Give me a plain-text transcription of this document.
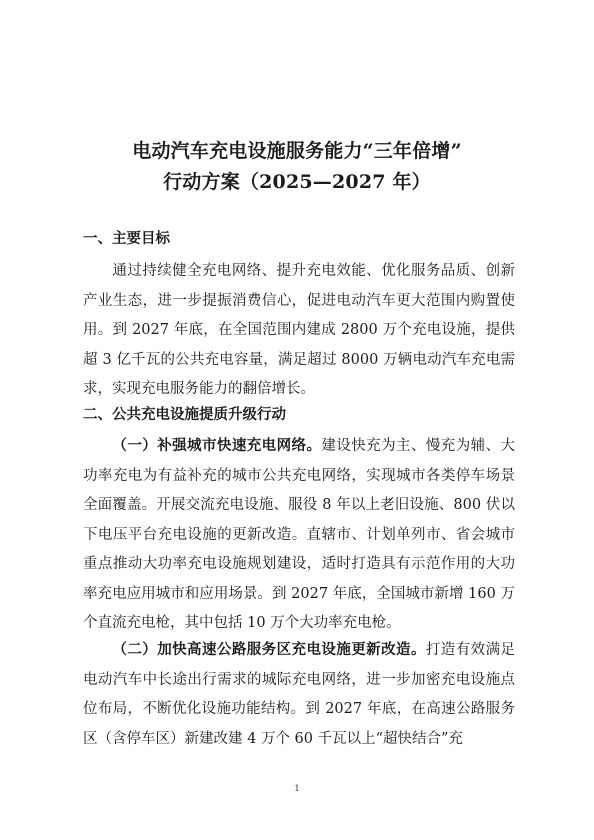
电动汽车充电设施服务能力“三年倍增”
行动方案（2025—2027 年）
一、主要目标
通过持续健全充电网络、提升充电效能、优化服务品质、创新产业生态，进一步提振消费信心，促进电动汽车更大范围内购置使用。到 2027 年底，在全国范围内建成 2800 万个充电设施，提供超 3 亿千瓦的公共充电容量，满足超过 8000 万辆电动汽车充电需求，实现充电服务能力的翻倍增长。
二、公共充电设施提质升级行动
（一）补强城市快速充电网络。建设快充为主、慢充为辅、大功率充电为有益补充的城市公共充电网络，实现城市各类停车场景全面覆盖。开展交流充电设施、服役 8 年以上老旧设施、800 伏以下电压平台充电设施的更新改造。直辖市、计划单列市、省会城市重点推动大功率充电设施规划建设，适时打造具有示范作用的大功率充电应用城市和应用场景。到 2027 年底，全国城市新增 160 万个直流充电枪，其中包括 10 万个大功率充电枪。
（二）加快高速公路服务区充电设施更新改造。打造有效满足电动汽车中长途出行需求的城际充电网络，进一步加密充电设施点位布局，不断优化设施功能结构。到 2027 年底，在高速公路服务区（含停车区）新建改建 4 万个 60 千瓦以上“超快结合”充
1
